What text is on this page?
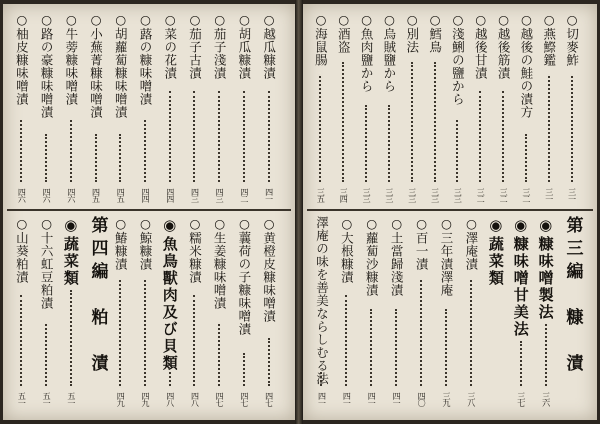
○越瓜糠漬
四一
○胡瓜糠漬
四二
○茄子淺漬
四三
○茄子古漬
四三
○菜の花漬
四四
○蕗の糠味噌漬
四四
○胡蘿蔔糠味噌漬
四五
○小蕪菁糠味噌漬
四五
○牛蒡糠味噌漬
四六
○路の豪糠味噌漬
四六
○柚皮糠味噌漬
四六
○黄橙皮糠味噌漬
四七
○蘘荷の子糠味噌漬
四七
○生姜糠味噌漬
四七
○糯米糠漬
四八
◉魚鳥獸肉及び貝類
四八
○鯨糠漬
四九
○鰆糠漬
四九
第四編　粕　漬
◉蔬菜類
五一
○十六虹豆粕漬
五一
○山葵粕漬
五一
○切麥鮓
三一
○燕鰶鑑
三一
○越後の鮭の漬方
三二
○越後筋漬
三二
○越後甘漬
三二
○淺鯏の鹽から
三三
○鱈鳥
三三
○別法
三三
○烏賊鹽から
三三
○魚肉鹽から
三三
○酒盗
三四
○海鼠腸
三五
第三編　糠　漬
◉糠味噌製法
三六
◉糠味噌甘美法
三七
◉蔬菜類
○澤庵漬
三八
○三年漬澤庵
三九
○百一漬
四〇
○土當歸淺漬
四一
○蘿蔔沙糠漬
四一
○大根糠漬
四一
澤庵の味を善美ならしむる法
四一
